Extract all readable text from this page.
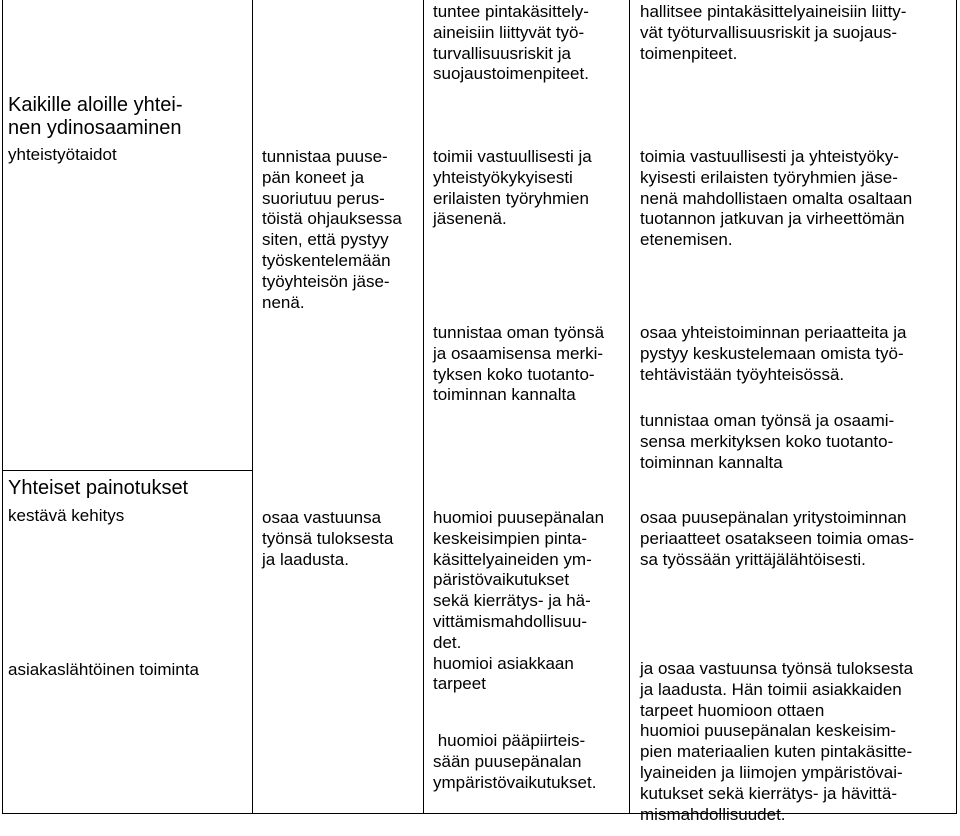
Kaikille aloille yhtei-
nen ydinosaaminen
yhteistyötaidot
Yhteiset painotukset
kestävä kehitys
asiakaslähtöinen toiminta
tunnistaa puuse-
pän koneet ja
suoriutuu perus-
töistä ohjauksessa
siten, että pystyy
työskentelemään
työyhteisön jäse-
nenä.
osaa vastuunsa
työnsä tuloksesta
ja laadusta.
tuntee pintakäsittely-
aineisiin liittyvät työ-
turvallisuusriskit ja
suojaustoimenpiteet.
toimii vastuullisesti ja
yhteistyökykyisesti
erilaisten työryhmien
jäsenenä.
tunnistaa oman työnsä
ja osaamisensa merki-
tyksen koko tuotanto-
toiminnan kannalta
huomioi puusepänalan
keskeisimpien pinta-
käsittelyaineiden ym-
päristövaikutukset
sekä kierrätys- ja hä-
vittämismahdollisuu-
det.
huomioi asiakkaan
tarpeet
huomioi pääpiirteis-
sään puusepänalan
ympäristövaikutukset.
hallitsee pintakäsittelyaineisiin liitty-
vät työturvallisuusriskit ja suojaus-
toimenpiteet.
toimia vastuullisesti ja yhteistyöky-
kyisesti erilaisten työryhmien jäse-
nenä mahdollistaen omalta osaltaan
tuotannon jatkuvan ja virheettömän
etenemisen.
osaa yhteistoiminnan periaatteita ja
pystyy keskustelemaan omista työ-
tehtävistään työyhteisössä.
tunnistaa oman työnsä ja osaami-
sensa merkityksen koko tuotanto-
toiminnan kannalta
osaa puusepänalan yritystoiminnan
periaatteet osatakseen toimia omas-
sa työssään yrittäjälähtöisesti.
ja osaa vastuunsa työnsä tuloksesta
ja laadusta. Hän toimii asiakkaiden
tarpeet huomioon ottaen
huomioi puusepänalan keskeisim-
pien materiaalien kuten pintakäsitte-
lyaineiden ja liimojen ympäristövai-
kutukset sekä kierrätys- ja hävittä-
mismahdollisuudet.
